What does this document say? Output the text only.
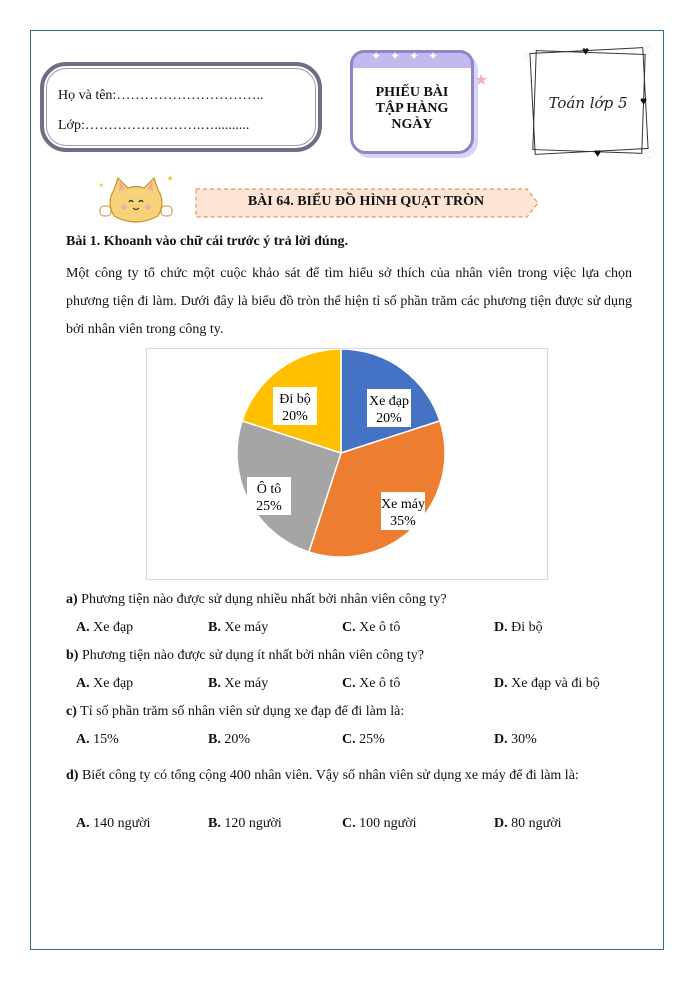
Họ và tên:…………………………..
Lớp:…………………….…..........
✦✦✦✦
PHIẾU BÀI
TẬP HÀNG
NGÀY
★
♥
♥
♥
♡
♡
♡
Toán lớp 5
✦
✦
BÀI 64. BIỂU ĐỒ HÌNH QUẠT TRÒN
Bài 1. Khoanh vào chữ cái trước ý trả lời đúng.
Một công ty tổ chức một cuộc khảo sát để tìm hiểu sở thích của nhân viên trong việc lựa chọn phương tiện đi làm. Dưới đây là biểu đồ tròn thể hiện tỉ số phần trăm các phương tiện được sử dụng bởi nhân viên trong công ty.
Xe đạp
20%
Xe máy
35%
Ô tô
25%
Đi bộ
20%
a) Phương tiện nào được sử dụng nhiều nhất bởi nhân viên công ty?
A. Xe đạp	B. Xe máy	C. Xe ô tô	D. Đi bộ
b) Phương tiện nào được sử dụng ít nhất bởi nhân viên công ty?
A. Xe đạp	B. Xe máy	C. Xe ô tô	D. Xe đạp và đi bộ
c) Tỉ số phần trăm số nhân viên sử dụng xe đạp để đi làm là:
A. 15%	B. 20%	C. 25%	D. 30%
d) Biết công ty có tổng cộng 400 nhân viên. Vậy số nhân viên sử dụng xe máy để đi làm là:
A. 140 người	B. 120 người	C. 100 người	D. 80 người
